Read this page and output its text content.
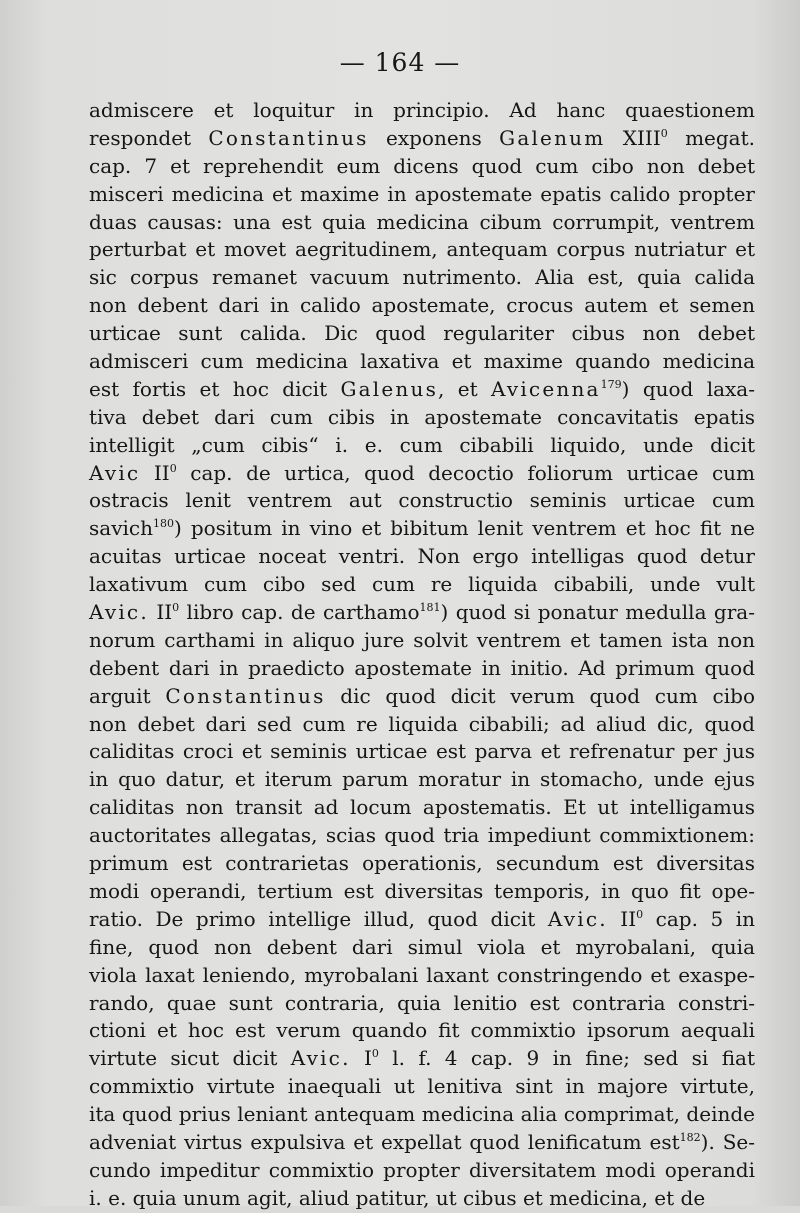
— 164 —
admiscere et loquitur in principio. Ad hanc quaestionem
respondet Constantinus exponens Galenum XIII$^0$ megat.
cap. 7 et reprehendit eum dicens quod cum cibo non debet
misceri medicina et maxime in apostemate epatis calido propter
duas causas: una est quia medicina cibum corrumpit, ventrem
perturbat et movet aegritudinem, antequam corpus nutriatur et
sic corpus remanet vacuum nutrimento. Alia est, quia calida
non debent dari in calido apostemate, crocus autem et semen
urticae sunt calida. Dic quod regulariter cibus non debet
admisceri cum medicina laxativa et maxime quando medicina
est fortis et hoc dicit Galenus, et Avicenna$^{179}$) quod laxa-
tiva debet dari cum cibis in apostemate concavitatis epatis
intelligit „cum cibis“ i. e. cum cibabili liquido, unde dicit
Avic $II^0$ cap. de urtica, quod decoctio foliorum urticae cum
ostracis lenit ventrem aut constructio seminis urticae cum
savich$^{180}$) positum in vino et bibitum lenit ventrem et hoc fit ne
acuitas urticae noceat ventri. Non ergo intelligas quod detur
laxativum cum cibo sed cum re liquida cibabili, unde vult
Avic. $II^0$ libro cap. de carthamo$^{181}$) quod si ponatur medulla gra-
norum carthami in aliquo jure solvit ventrem et tamen ista non
debent dari in praedicto apostemate in initio. Ad primum quod
arguit Constantinus dic quod dicit verum quod cum cibo
non debet dari sed cum re liquida cibabili; ad aliud dic, quod
caliditas croci et seminis urticae est parva et refrenatur per jus
in quo datur, et iterum parum moratur in stomacho, unde ejus
caliditas non transit ad locum apostematis. Et ut intelligamus
auctoritates allegatas, scias quod tria impediunt commixtionem:
primum est contrarietas operationis, secundum est diversitas
modi operandi, tertium est diversitas temporis, in quo fit ope-
ratio. De primo intellige illud, quod dicit Avic. $II^0$ cap. 5 in
fine, quod non debent dari simul viola et myrobalani, quia
viola laxat leniendo, myrobalani laxant constringendo et exaspe-
rando, quae sunt contraria, quia lenitio est contraria constri-
ctioni et hoc est verum quando fit commixtio ipsorum aequali
virtute sicut dicit Avic. $I^0$ l. f. 4 cap. 9 in fine; sed si fiat
commixtio virtute inaequali ut lenitiva sint in majore virtute,
ita quod prius leniant antequam medicina alia comprimat, deinde
adveniat virtus expulsiva et expellat quod lenificatum est$^{182}$). Se-
cundo impeditur commixtio propter diversitatem modi operandi
i. e. quia unum agit, aliud patitur, ut cibus et medicina, et de
